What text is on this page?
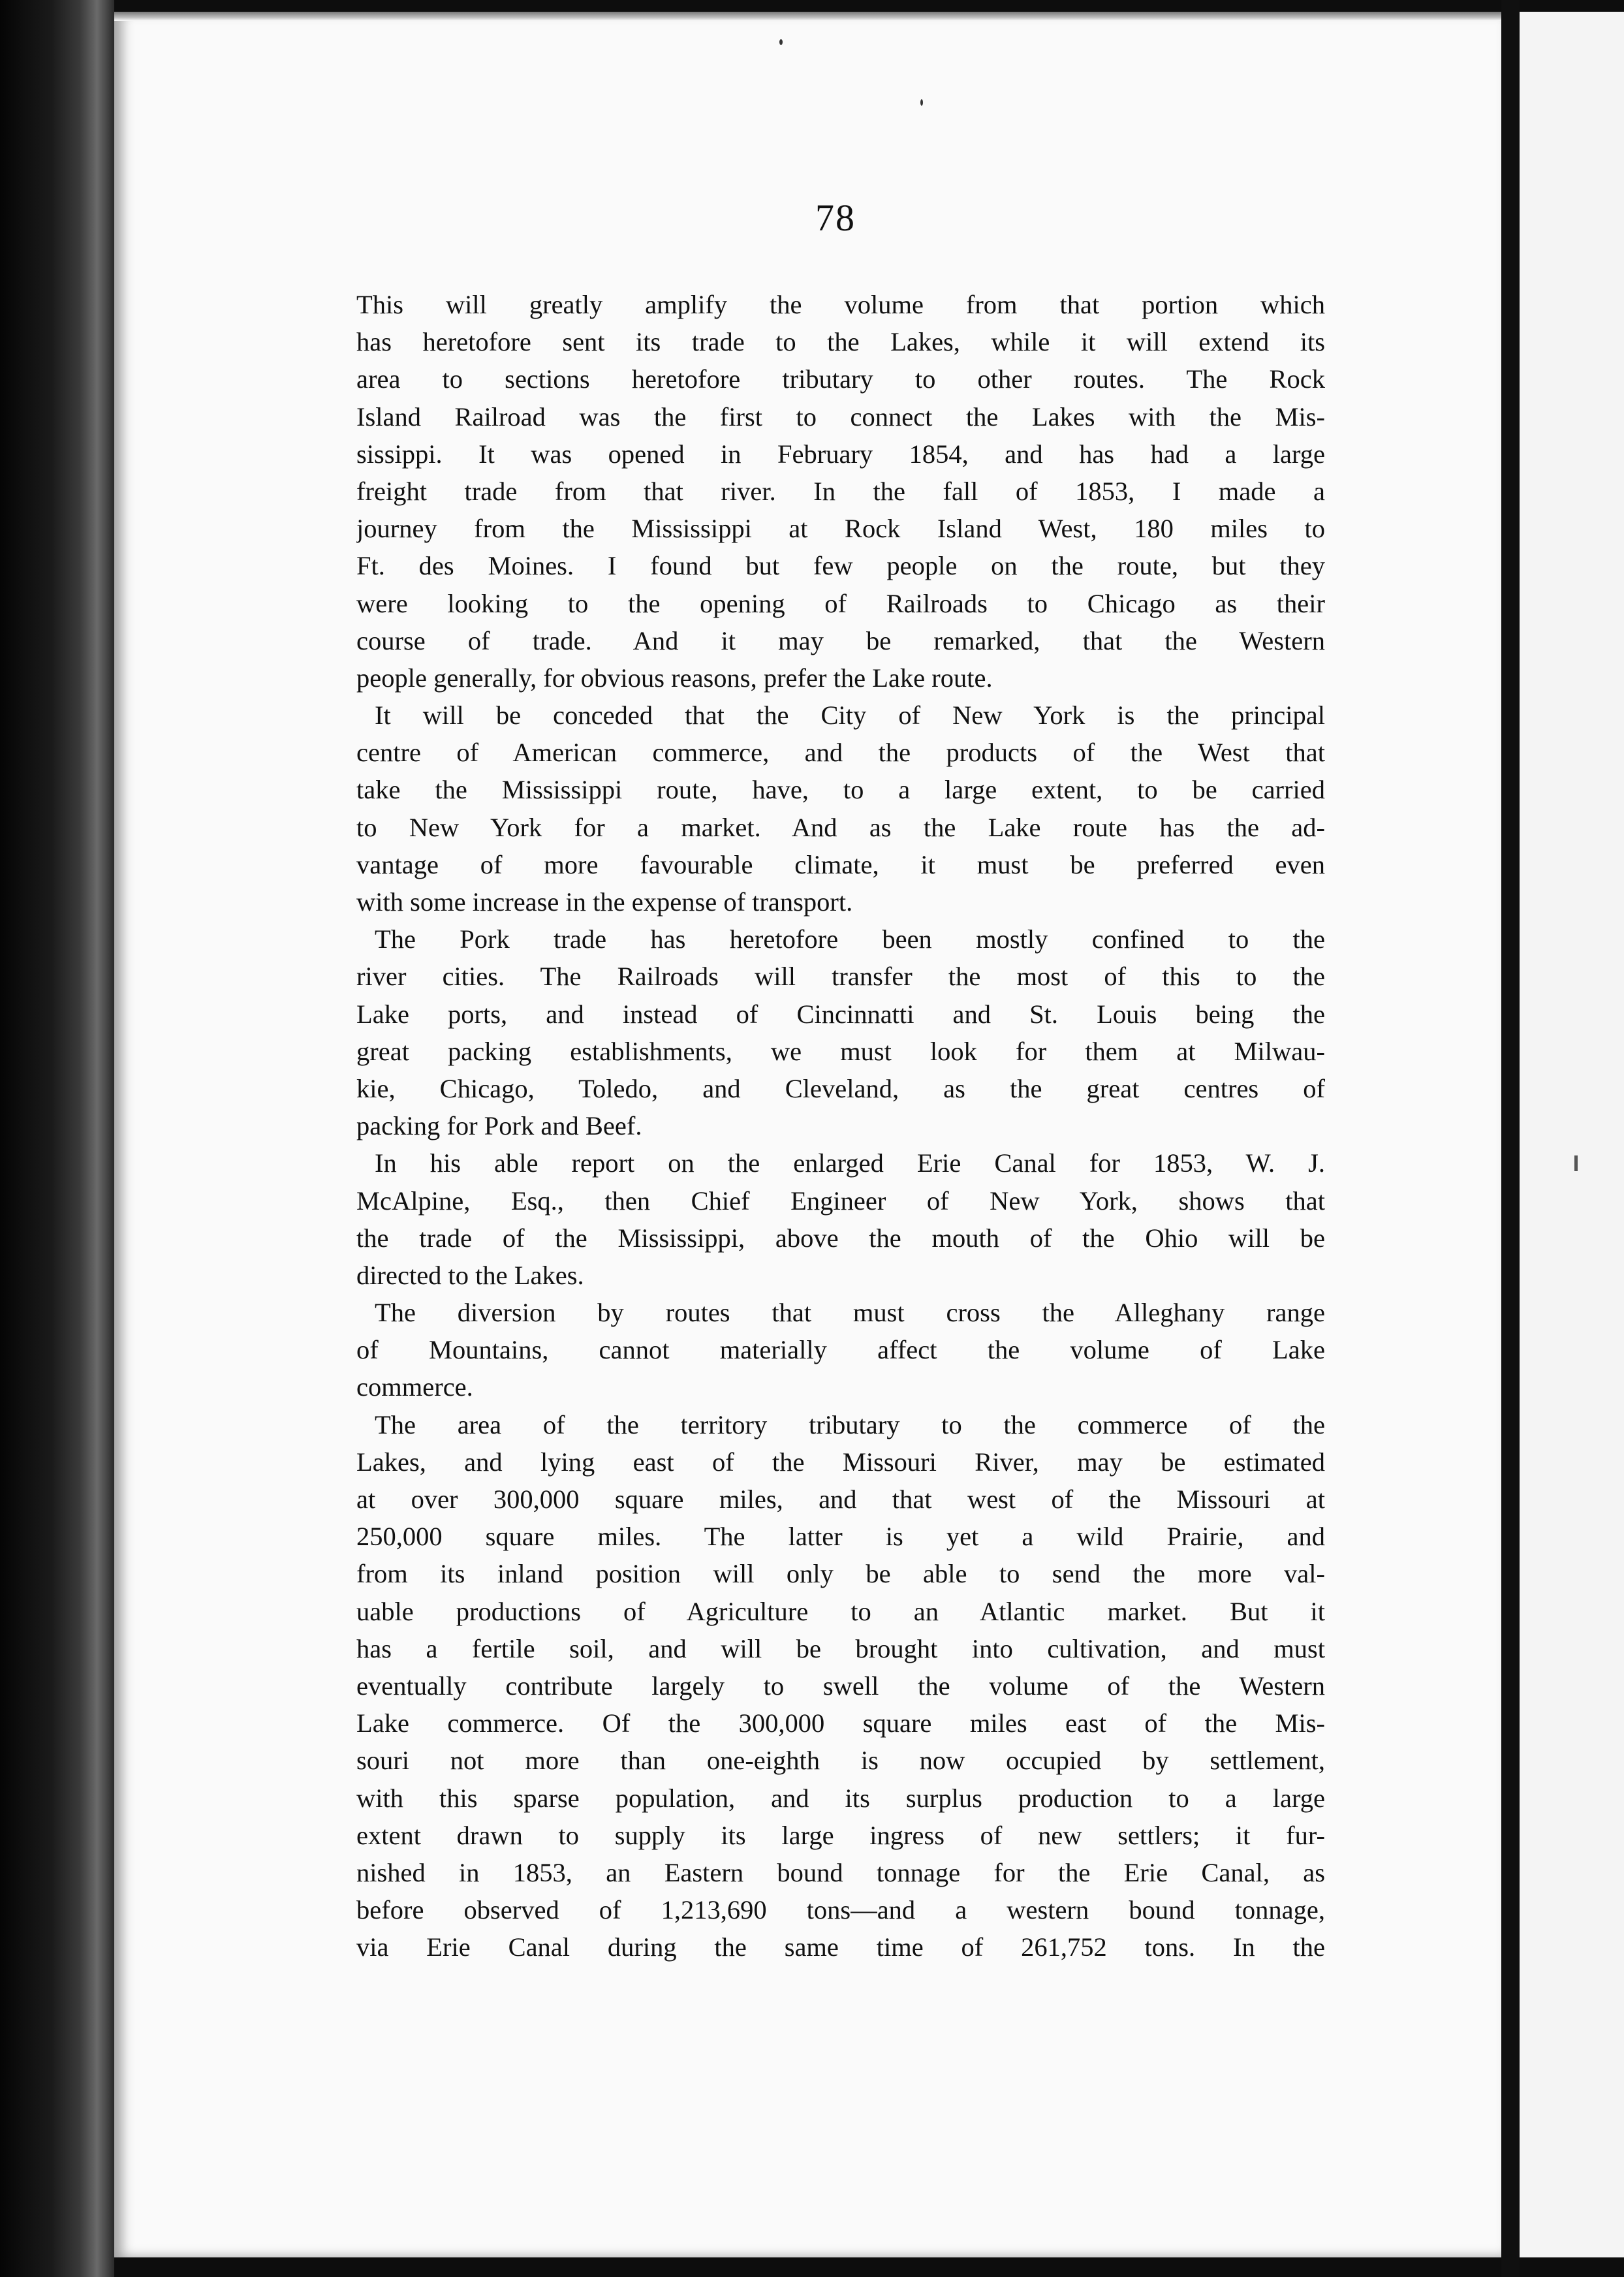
78
This will greatly amplify the volume from that portion which
has heretofore sent its trade to the Lakes, while it will extend its
area to sections heretofore tributary to other routes. The Rock
Island Railroad was the first to connect the Lakes with the Mis-
sissippi. It was opened in February 1854, and has had a large
freight trade from that river. In the fall of 1853, I made a
journey from the Mississippi at Rock Island West, 180 miles to
Ft. des Moines. I found but few people on the route, but they
were looking to the opening of Railroads to Chicago as their
course of trade. And it may be remarked, that the Western
people generally, for obvious reasons, prefer the Lake route.
It will be conceded that the City of New York is the principal
centre of American commerce, and the products of the West that
take the Mississippi route, have, to a large extent, to be carried
to New York for a market. And as the Lake route has the ad-
vantage of more favourable climate, it must be preferred even
with some increase in the expense of transport.
The Pork trade has heretofore been mostly confined to the
river cities. The Railroads will transfer the most of this to the
Lake ports, and instead of Cincinnatti and St. Louis being the
great packing establishments, we must look for them at Milwau-
kie, Chicago, Toledo, and Cleveland, as the great centres of
packing for Pork and Beef.
In his able report on the enlarged Erie Canal for 1853, W. J.
McAlpine, Esq., then Chief Engineer of New York, shows that
the trade of the Mississippi, above the mouth of the Ohio will be
directed to the Lakes.
The diversion by routes that must cross the Alleghany range
of Mountains, cannot materially affect the volume of Lake
commerce.
The area of the territory tributary to the commerce of the
Lakes, and lying east of the Missouri River, may be estimated
at over 300,000 square miles, and that west of the Missouri at
250,000 square miles. The latter is yet a wild Prairie, and
from its inland position will only be able to send the more val-
uable productions of Agriculture to an Atlantic market. But it
has a fertile soil, and will be brought into cultivation, and must
eventually contribute largely to swell the volume of the Western
Lake commerce. Of the 300,000 square miles east of the Mis-
souri not more than one-eighth is now occupied by settlement,
with this sparse population, and its surplus production to a large
extent drawn to supply its large ingress of new settlers; it fur-
nished in 1853, an Eastern bound tonnage for the Erie Canal, as
before observed of 1,213,690 tons—and a western bound tonnage,
via Erie Canal during the same time of 261,752 tons. In the
